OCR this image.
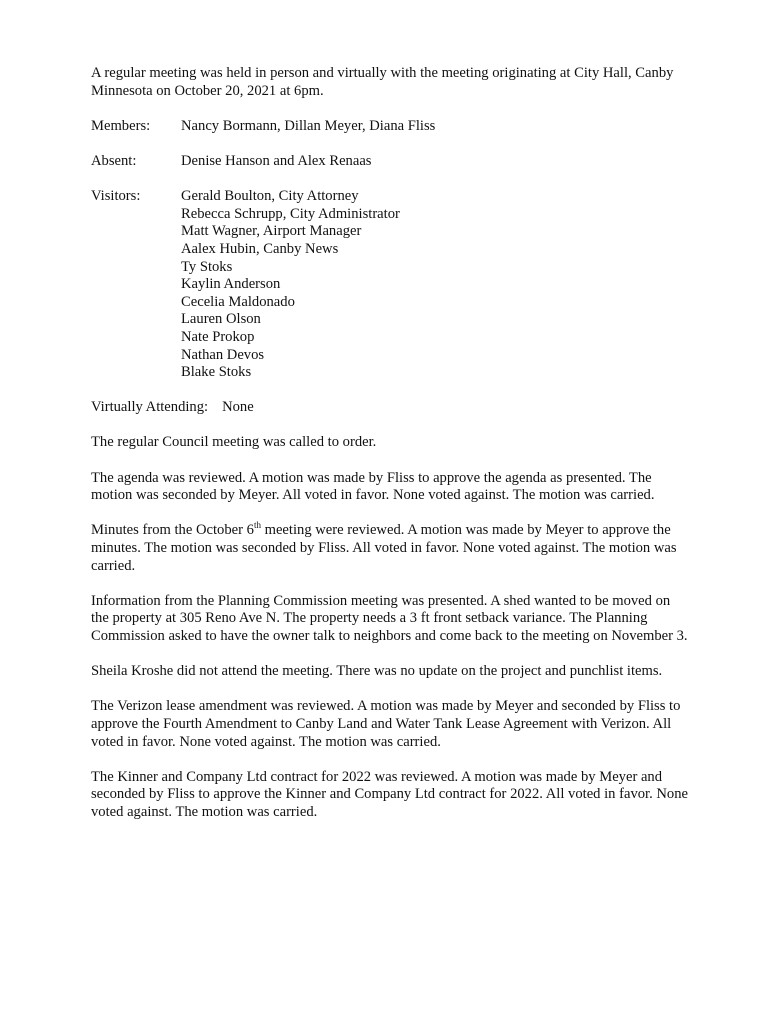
A regular meeting was held in person and virtually with the meeting originating at City Hall, Canby Minnesota on October 20, 2021 at 6pm.

Members:	Nancy Bormann, Dillan Meyer, Diana Fliss
Absent:	Denise Hanson and Alex Renaas
Visitors:	Gerald Boulton, City Attorney
Rebecca Schrupp, City Administrator
Matt Wagner, Airport Manager
Aalex Hubin, Canby News
Ty Stoks
Kaylin Anderson
Cecelia Maldonado
Lauren Olson
Nate Prokop
Nathan Devos
Blake Stoks

Virtually Attending: None

The regular Council meeting was called to order.

The agenda was reviewed. A motion was made by Fliss to approve the agenda as presented. The motion was seconded by Meyer. All voted in favor. None voted against. The motion was carried.

Minutes from the October 6th meeting were reviewed. A motion was made by Meyer to approve the minutes. The motion was seconded by Fliss. All voted in favor. None voted against. The motion was carried.

Information from the Planning Commission meeting was presented. A shed wanted to be moved on the property at 305 Reno Ave N. The property needs a 3 ft front setback variance. The Planning Commission asked to have the owner talk to neighbors and come back to the meeting on November 3.

Sheila Kroshe did not attend the meeting. There was no update on the project and punchlist items.

The Verizon lease amendment was reviewed. A motion was made by Meyer and seconded by Fliss to approve the Fourth Amendment to Canby Land and Water Tank Lease Agreement with Verizon. All voted in favor. None voted against. The motion was carried.

The Kinner and Company Ltd contract for 2022 was reviewed. A motion was made by Meyer and seconded by Fliss to approve the Kinner and Company Ltd contract for 2022. All voted in favor. None voted against. The motion was carried.
